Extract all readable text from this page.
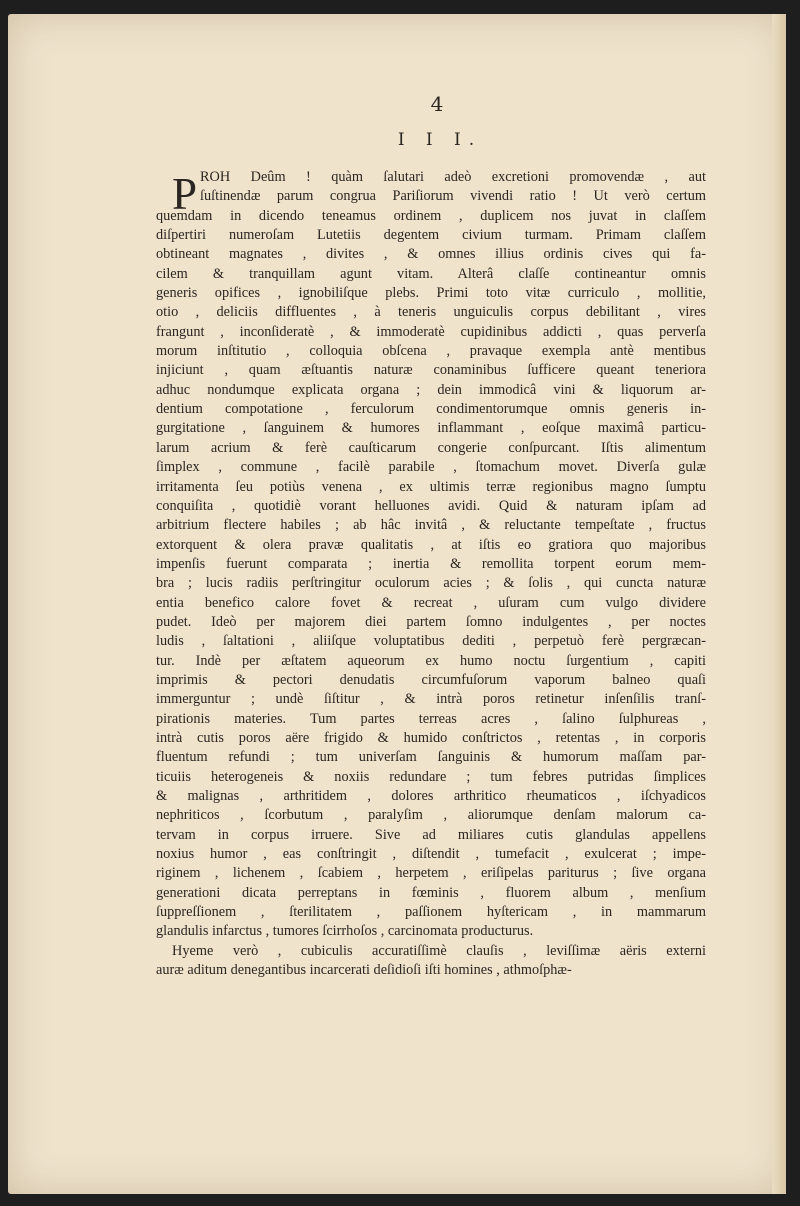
4
I I I.
P ROH Deûm ! quàm ſalutari adeò excretioni promovendæ , aut
ſuſtinendæ parum congrua Pariſiorum vivendi ratio ! Ut verò certum
quemdam in dicendo teneamus ordinem , duplicem nos juvat in claſſem
diſpertiri numeroſam Lutetiis degentem civium turmam. Primam claſſem
obtineant magnates , divites , & omnes illius ordinis cives qui fa-
cilem & tranquillam agunt vitam. Alterâ claſſe contineantur omnis
generis opifices , ignobiliſque plebs. Primi toto vitæ curriculo , mollitie,
otio , deliciis diffluentes , à teneris unguiculis corpus debilitant , vires
frangunt , inconſideratè , & immoderatè cupidinibus addicti , quas perverſa
morum inſtitutio , colloquia obſcena , pravaque exempla antè mentibus
injiciunt , quam æſtuantis naturæ conaminibus ſufficere queant teneriora
adhuc nondumque explicata organa ; dein immodicâ vini & liquorum ar-
dentium compotatione , ferculorum condimentorumque omnis generis in-
gurgitatione , ſanguinem & humores inflammant , eoſque maximâ particu-
larum acrium & ferè cauſticarum congerie conſpurcant. Iſtis alimentum
ſimplex , commune , facilè parabile , ſtomachum movet. Diverſa gulæ
irritamenta ſeu potiùs venena , ex ultimis terræ regionibus magno ſumptu
conquiſita , quotidiè vorant helluones avidi. Quid & naturam ipſam ad
arbitrium flectere habiles ; ab hâc invitâ , & reluctante tempeſtate , fructus
extorquent & olera pravæ qualitatis , at iſtis eo gratiora quo majoribus
impenſis fuerunt comparata ; inertia & remollita torpent eorum mem-
bra ; lucis radiis perſtringitur oculorum acies ; & ſolis , qui cuncta naturæ
entia benefico calore fovet & recreat , uſuram cum vulgo dividere
pudet. Ideò per majorem diei partem ſomno indulgentes , per noctes
ludis , ſaltationi , aliiſque voluptatibus dediti , perpetuò ferè pergræcan-
tur. Indè per æſtatem aqueorum ex humo noctu ſurgentium , capiti
imprimis & pectori denudatis circumfuſorum vaporum balneo quaſi
immerguntur ; undè ſiſtitur , & intrà poros retinetur inſenſilis tranſ-
pirationis materies. Tum partes terreas acres , ſalino ſulphureas ,
intrà cutis poros aëre frigido & humido conſtrictos , retentas , in corporis
fluentum refundi ; tum univerſam ſanguinis & humorum maſſam par-
ticuiis heterogeneis & noxiis redundare ; tum febres putridas ſimplices
& malignas , arthritidem , dolores arthritico rheumaticos , iſchyadicos
nephriticos , ſcorbutum , paralyſim , aliorumque denſam malorum ca-
tervam in corpus irruere. Sive ad miliares cutis glandulas appellens
noxius humor , eas conſtringit , diſtendit , tumefacit , exulcerat ; impe-
riginem , lichenem , ſcabiem , herpetem , eriſipelas pariturus ; ſive organa
generationi dicata perreptans in fœminis , fluorem album , menſium
ſuppreſſionem , ſterilitatem , paſſionem hyſtericam , in mammarum
glandulis infarctus , tumores ſcirrhoſos , carcinomata producturus.
Hyeme verò , cubiculis accuratiſſimè clauſis , leviſſimæ aëris externi
auræ aditum denegantibus incarcerati deſidioſi iſti homines , athmoſphæ-
